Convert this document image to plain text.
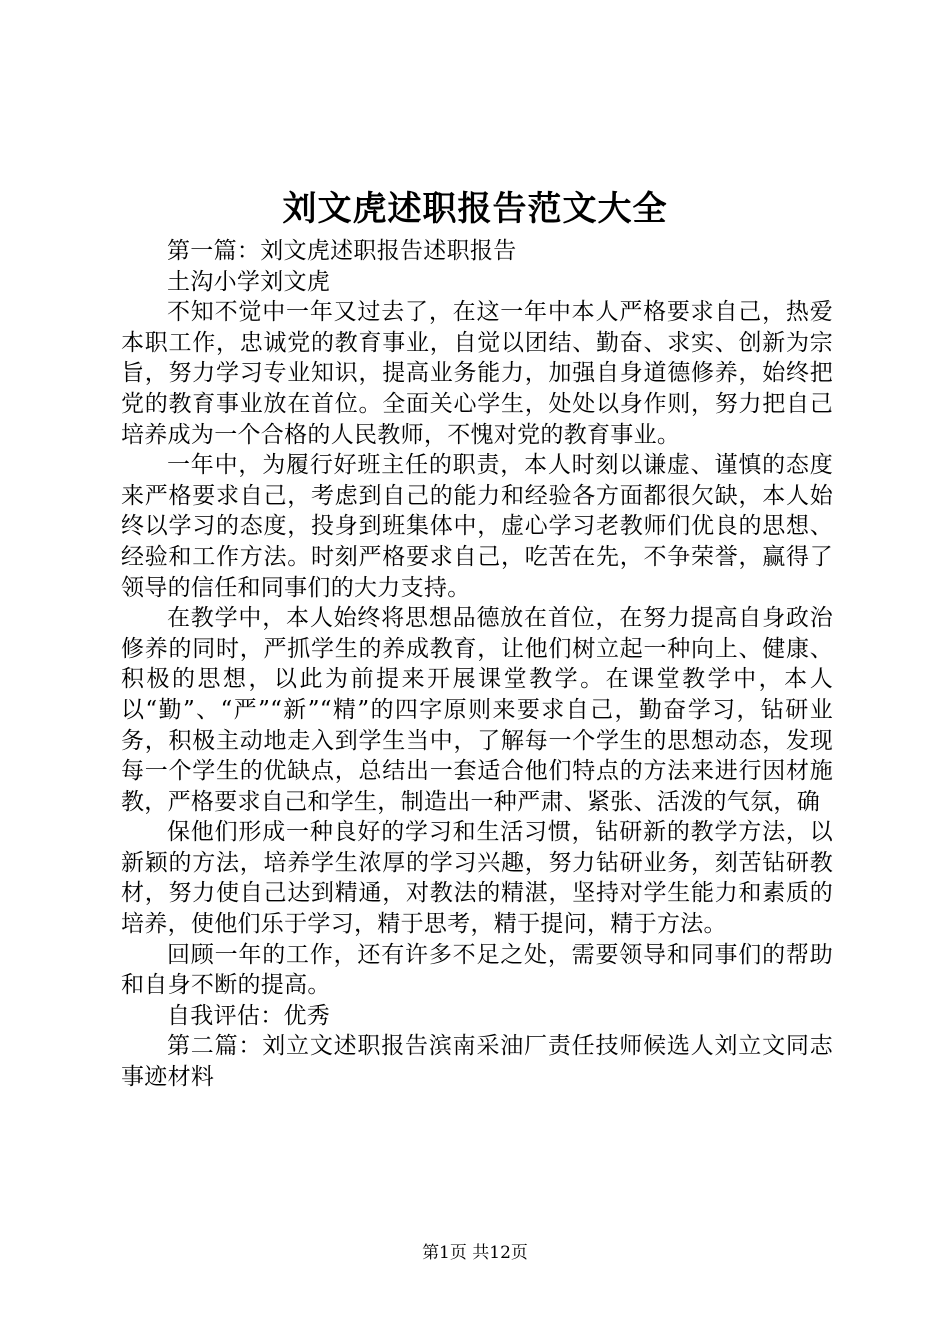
刘文虎述职报告范文大全

第一篇：刘文虎述职报告述职报告

土沟小学刘文虎

不知不觉中一年又过去了，在这一年中本人严格要求自己，热爱本职工作，忠诚党的教育事业，自觉以团结、勤奋、求实、创新为宗旨，努力学习专业知识，提高业务能力，加强自身道德修养，始终把党的教育事业放在首位。全面关心学生，处处以身作则，努力把自己培养成为一个合格的人民教师，不愧对党的教育事业。

一年中，为履行好班主任的职责，本人时刻以谦虚、谨慎的态度来严格要求自己，考虑到自己的能力和经验各方面都很欠缺，本人始终以学习的态度，投身到班集体中，虚心学习老教师们优良的思想、经验和工作方法。时刻严格要求自己，吃苦在先，不争荣誉，赢得了领导的信任和同事们的大力支持。

在教学中，本人始终将思想品德放在首位，在努力提高自身政治修养的同时，严抓学生的养成教育，让他们树立起一种向上、健康、积极的思想，以此为前提来开展课堂教学。在课堂教学中，本人以“勤”、“严”“新”“精”的四字原则来要求自己，勤奋学习，钻研业务，积极主动地走入到学生当中，了解每一个学生的思想动态，发现每一个学生的优缺点，总结出一套适合他们特点的方法来进行因材施教，严格要求自己和学生，制造出一种严肃、紧张、活泼的气氛，确

保他们形成一种良好的学习和生活习惯，钻研新的教学方法，以新颖的方法，培养学生浓厚的学习兴趣，努力钻研业务，刻苦钻研教材，努力使自己达到精通，对教法的精湛，坚持对学生能力和素质的培养，使他们乐于学习，精于思考，精于提问，精于方法。

回顾一年的工作，还有许多不足之处，需要领导和同事们的帮助和自身不断的提高。

自我评估：优秀

第二篇：刘立文述职报告滨南采油厂责任技师候选人刘立文同志事迹材料

第1页 共12页
